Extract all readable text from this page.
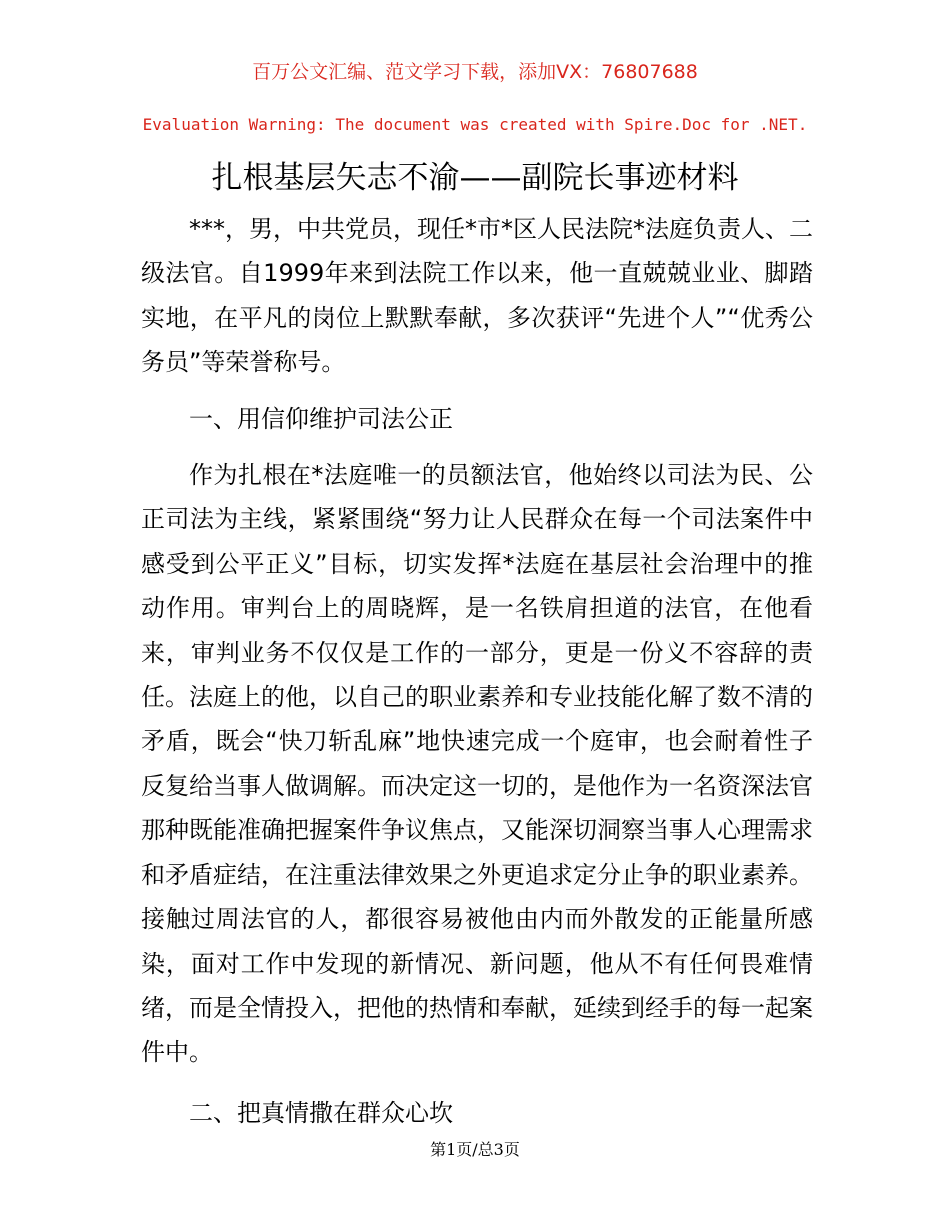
百万公文汇编、范文学习下载，添加VX：76807688
Evaluation Warning: The document was created with Spire.Doc for .NET.
扎根基层矢志不渝——副院长事迹材料

***，男，中共党员，现任*市*区人民法院*法庭负责人、二级法官。自1999年来到法院工作以来，他一直兢兢业业、脚踏实地，在平凡的岗位上默默奉献，多次获评“先进个人”“优秀公务员”等荣誉称号。

一、用信仰维护司法公正

作为扎根在*法庭唯一的员额法官，他始终以司法为民、公正司法为主线，紧紧围绕“努力让人民群众在每一个司法案件中感受到公平正义”目标，切实发挥*法庭在基层社会治理中的推动作用。审判台上的周晓辉，是一名铁肩担道的法官，在他看来，审判业务不仅仅是工作的一部分，更是一份义不容辞的责任。法庭上的他，以自己的职业素养和专业技能化解了数不清的矛盾，既会“快刀斩乱麻”地快速完成一个庭审，也会耐着性子反复给当事人做调解。而决定这一切的，是他作为一名资深法官那种既能准确把握案件争议焦点，又能深切洞察当事人心理需求和矛盾症结，在注重法律效果之外更追求定分止争的职业素养。接触过周法官的人，都很容易被他由内而外散发的正能量所感染，面对工作中发现的新情况、新问题，他从不有任何畏难情绪，而是全情投入，把他的热情和奉献，延续到经手的每一起案件中。

二、把真情撒在群众心坎

第1页/总3页
